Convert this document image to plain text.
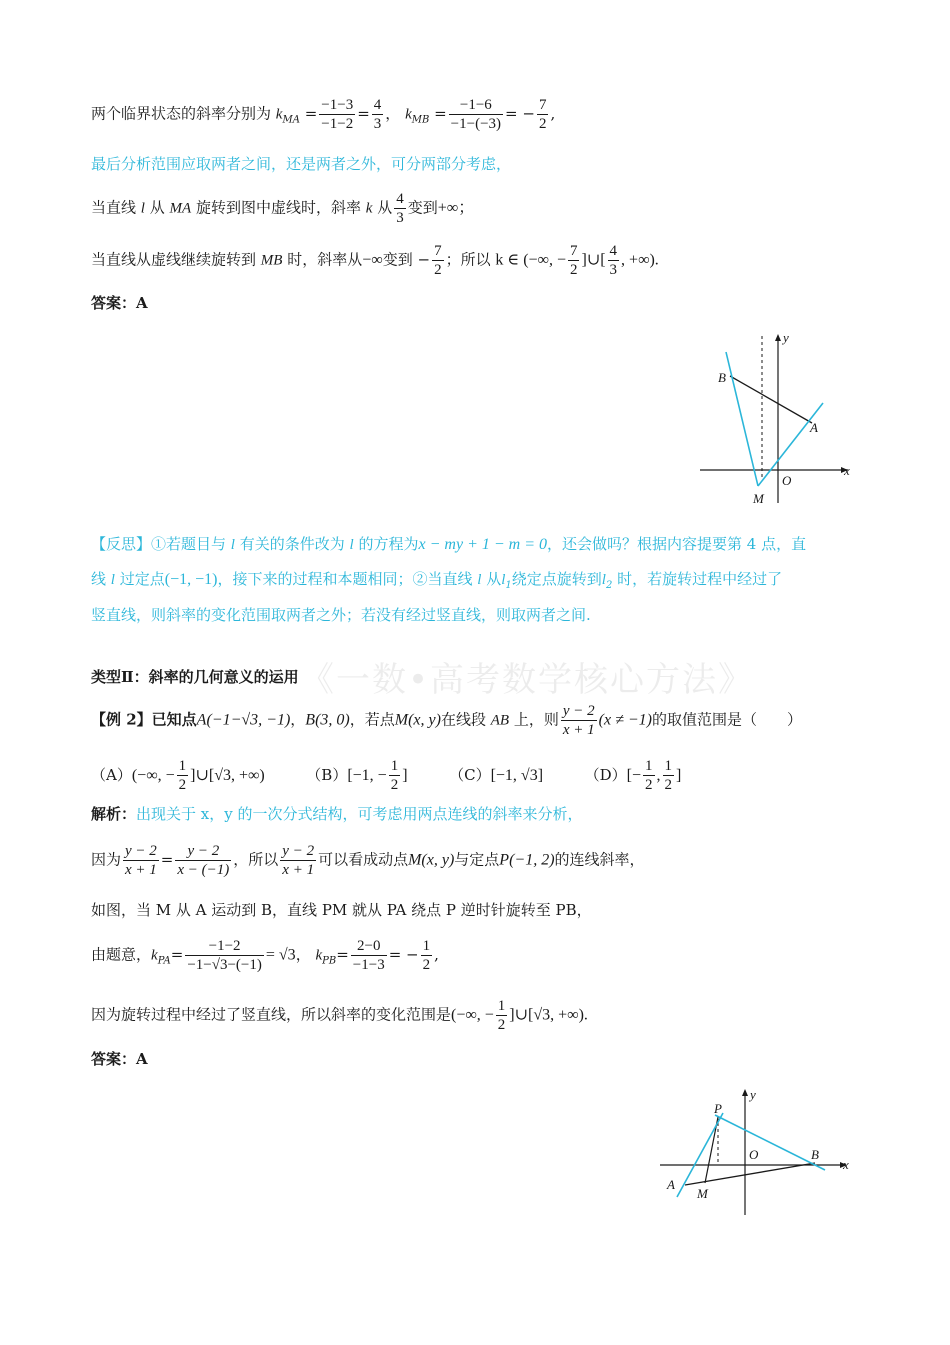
两个临界状态的斜率分别为 $k_{MA} = \frac{-1-3}{-1-2} = \frac{4}{3}$ ， $k_{MB} = \frac{-1-6}{-1-(-3)}$ = − $\frac{7}{2}$ ,
最后分析范围应取两者之间，还是两者之外，可分两部分考虑，
当直线 l 从 MA 旋转到图中虚线时，斜率 k 从 $\frac{4}{3}$ 变到+∞；
当直线从虚线继续旋转到 MB 时，斜率从−∞变到 − $\frac{7}{2}$ ；所以 k ∈ (−∞, − $\frac{7}{2}$ ]∪[ $\frac{4}{3}$ , +∞).
答案：A
B
A
M
O
x
y
【反思】①若题目与 l 有关的条件改为 l 的方程为x − my + 1 − m = 0，还会做吗？根据内容提要第 4 点，直
线 l 过定点(−1, −1)，接下来的过程和本题相同；②当直线 l 从$l_1$绕定点旋转到$l_2$ 时，若旋转过程中经过了
竖直线，则斜率的变化范围取两者之外；若没有经过竖直线，则取两者之间.
《一数•高考数学核心方法》
类型Ⅱ：斜率的几何意义的运用
【例 2】已知点A(−1−√3, −1)，B(3, 0)，若点M(x, y)在线段 AB 上，则 $\frac{y - 2}{x + 1} (x \ne -1)$的取值范围是（　　）
（A）(−∞, − $\frac{1}{2}$ ]∪[√3, +∞)	（B）[−1, − $\frac{1}{2}$ ]	（C）[−1, √3]	$(D)[- \frac{1}{2}$ , $\frac{1}{2}$ ]
解析：出现关于 x，y 的一次分式结构，可考虑用两点连线的斜率来分析，
因为 $\frac{y - 2}{x + 1} = \frac{y - 2}{x - (-1)}$ ，所以 $\frac{y - 2}{x + 1}$ 可以看成动点M(x, y)与定点P(−1, 2)的连线斜率，
如图，当 M 从 A 运动到 B，直线 PM 就从 PA 绕点 P 逆时针旋转至 PB，
由题意，$k_{PA}= \frac{-1-2}{-1-√3-(-1)} = √3$， $k_{PB}= \frac{2-0}{-1-3}$ = − $\frac{1}{2}$ ,
因为旋转过程中经过了竖直线，所以斜率的变化范围是(−∞, − $\frac{1}{2}$ ]∪[√3, +∞).
答案：A
P
O	B
A
M
x
y
